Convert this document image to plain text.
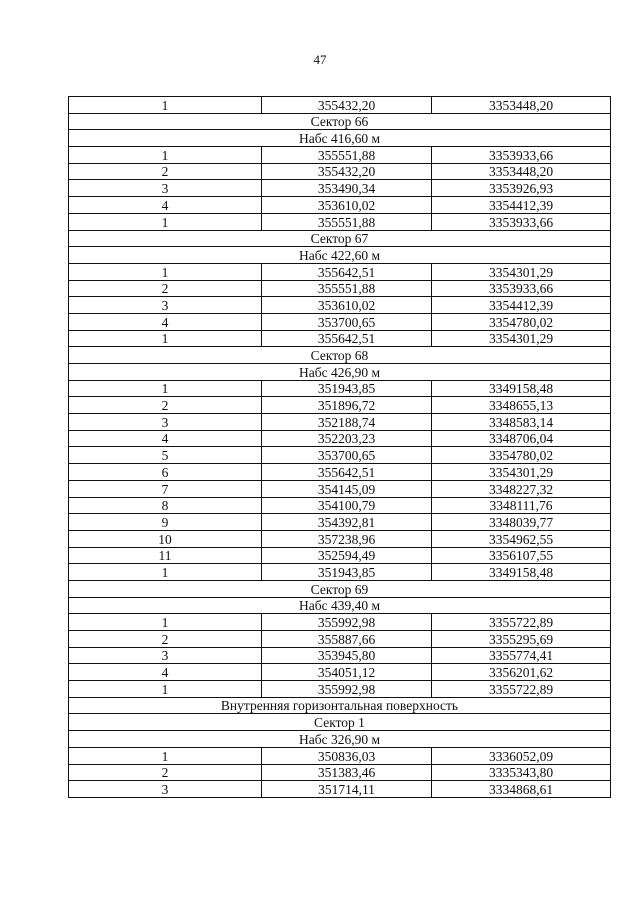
47
1	355432,20	3353448,20
Сектор 66		
Набс 416,60 м		
1	355551,88	3353933,66
2	355432,20	3353448,20
3	353490,34	3353926,93
4	353610,02	3354412,39
1	355551,88	3353933,66
Сектор 67		
Набс 422,60 м		
1	355642,51	3354301,29
2	355551,88	3353933,66
3	353610,02	3354412,39
4	353700,65	3354780,02
1	355642,51	3354301,29
Сектор 68		
Набс 426,90 м		
1	351943,85	3349158,48
2	351896,72	3348655,13
3	352188,74	3348583,14
4	352203,23	3348706,04
5	353700,65	3354780,02
6	355642,51	3354301,29
7	354145,09	3348227,32
8	354100,79	3348111,76
9	354392,81	3348039,77
10	357238,96	3354962,55
11	352594,49	3356107,55
1	351943,85	3349158,48
Сектор 69		
Набс 439,40 м		
1	355992,98	3355722,89
2	355887,66	3355295,69
3	353945,80	3355774,41
4	354051,12	3356201,62
1	355992,98	3355722,89
Внутренняя горизонтальная поверхность		
Сектор 1		
Набс 326,90 м		
1	350836,03	3336052,09
2	351383,46	3335343,80
3	351714,11	3334868,61
